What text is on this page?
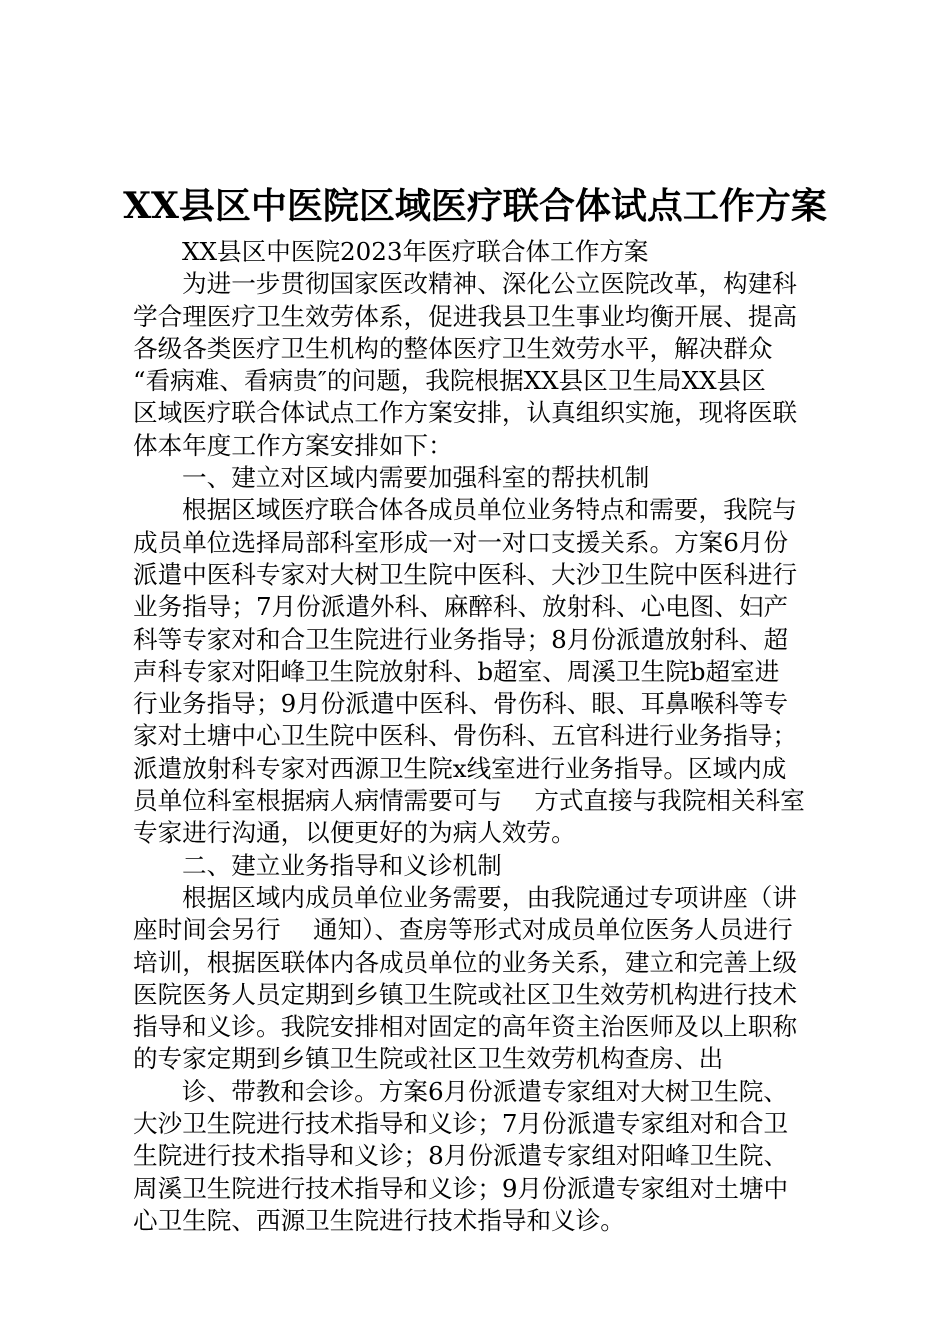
XX县区中医院区域医疗联合体试点工作方案
XX县区中医院2023年医疗联合体工作方案
为进一步贯彻国家医改精神、深化公立医院改革，构建科
学合理医疗卫生效劳体系，促进我县卫生事业均衡开展、提高
各级各类医疗卫生机构的整体医疗卫生效劳水平，解决群众
“看病难、看病贵″的问题，我院根据XX县区卫生局XX县区
区域医疗联合体试点工作方案安排，认真组织实施，现将医联
体本年度工作方案安排如下：
一、建立对区域内需要加强科室的帮扶机制
根据区域医疗联合体各成员单位业务特点和需要，我院与
成员单位选择局部科室形成一对一对口支援关系。方案6月份
派遣中医科专家对大树卫生院中医科、大沙卫生院中医科进行
业务指导；7月份派遣外科、麻醉科、放射科、心电图、妇产
科等专家对和合卫生院进行业务指导；8月份派遣放射科、超
声科专家对阳峰卫生院放射科、b超室、周溪卫生院b超室进
行业务指导；9月份派遣中医科、骨伤科、眼、耳鼻喉科等专
家对土塘中心卫生院中医科、骨伤科、五官科进行业务指导；
派遣放射科专家对西源卫生院x线室进行业务指导。区域内成
员单位科室根据病人病情需要可与　 方式直接与我院相关科室
专家进行沟通，以便更好的为病人效劳。
二、建立业务指导和义诊机制
根据区域内成员单位业务需要，由我院通过专项讲座（讲
座时间会另行　 通知）、查房等形式对成员单位医务人员进行
培训，根据医联体内各成员单位的业务关系，建立和完善上级
医院医务人员定期到乡镇卫生院或社区卫生效劳机构进行技术
指导和义诊。我院安排相对固定的高年资主治医师及以上职称
的专家定期到乡镇卫生院或社区卫生效劳机构查房、出
诊、带教和会诊。方案6月份派遣专家组对大树卫生院、
大沙卫生院进行技术指导和义诊；7月份派遣专家组对和合卫
生院进行技术指导和义诊；8月份派遣专家组对阳峰卫生院、
周溪卫生院进行技术指导和义诊；9月份派遣专家组对土塘中
心卫生院、西源卫生院进行技术指导和义诊。
